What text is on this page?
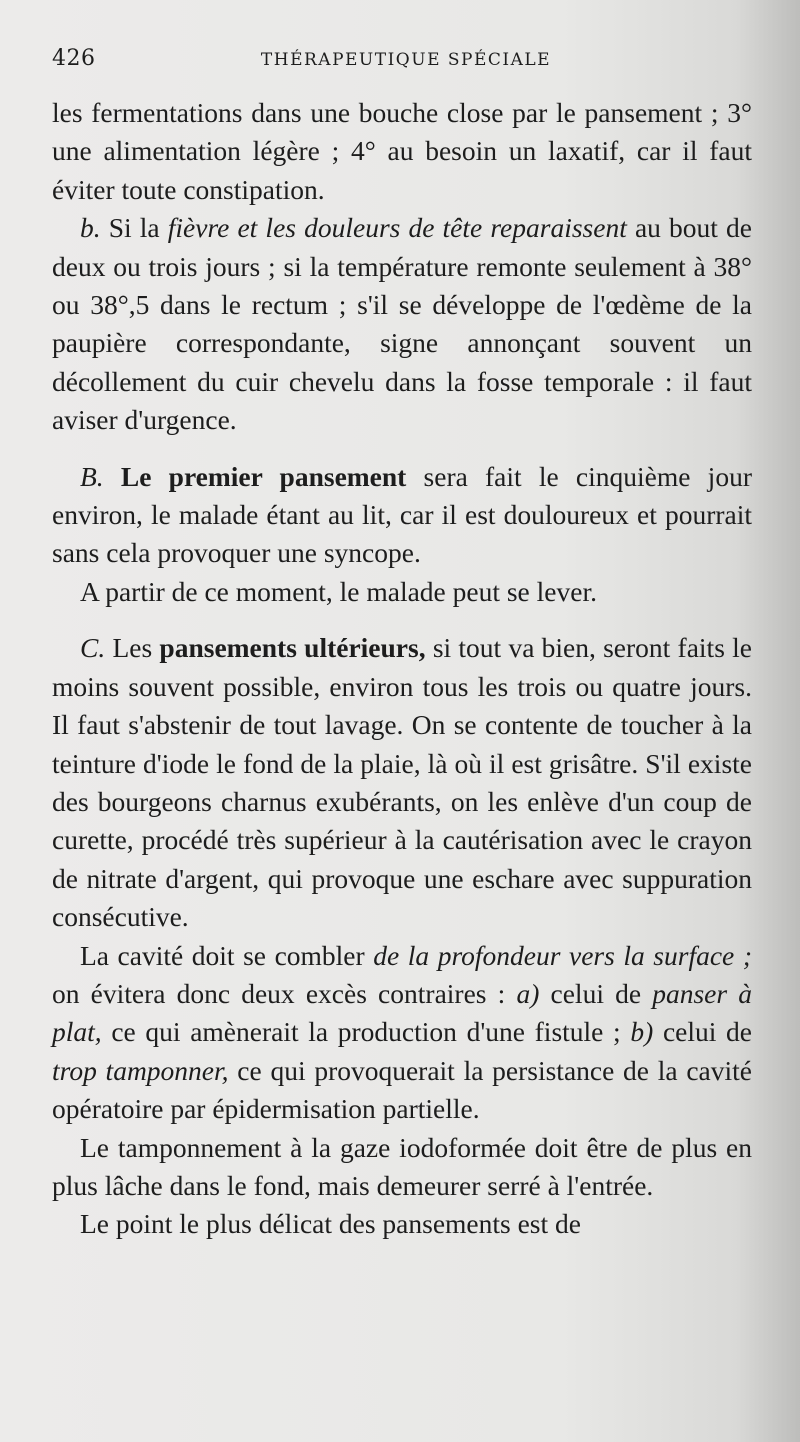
426	THÉRAPEUTIQUE SPÉCIALE

les fermentations dans une bouche close par le pansement ; 3° une alimentation légère ; 4° au besoin un laxatif, car il faut éviter toute constipation.

b. Si la fièvre et les douleurs de tête reparaissent au bout de deux ou trois jours ; si la température remonte seulement à 38° ou 38°,5 dans le rectum ; s'il se développe de l'œdème de la paupière correspondante, signe annonçant souvent un décollement du cuir chevelu dans la fosse temporale : il faut aviser d'urgence.

B. Le premier pansement sera fait le cinquième jour environ, le malade étant au lit, car il est douloureux et pourrait sans cela provoquer une syncope.

A partir de ce moment, le malade peut se lever.

C. Les pansements ultérieurs, si tout va bien, seront faits le moins souvent possible, environ tous les trois ou quatre jours. Il faut s'abstenir de tout lavage. On se contente de toucher à la teinture d'iode le fond de la plaie, là où il est grisâtre. S'il existe des bourgeons charnus exubérants, on les enlève d'un coup de curette, procédé très supérieur à la cautérisation avec le crayon de nitrate d'argent, qui provoque une eschare avec suppuration consécutive.

La cavité doit se combler de la profondeur vers la surface ; on évitera donc deux excès contraires : a) celui de panser à plat, ce qui amènerait la production d'une fistule ; b) celui de trop tamponner, ce qui provoquerait la persistance de la cavité opératoire par épidermisation partielle.

Le tamponnement à la gaze iodoformée doit être de plus en plus lâche dans le fond, mais demeurer serré à l'entrée.

Le point le plus délicat des pansements est de
